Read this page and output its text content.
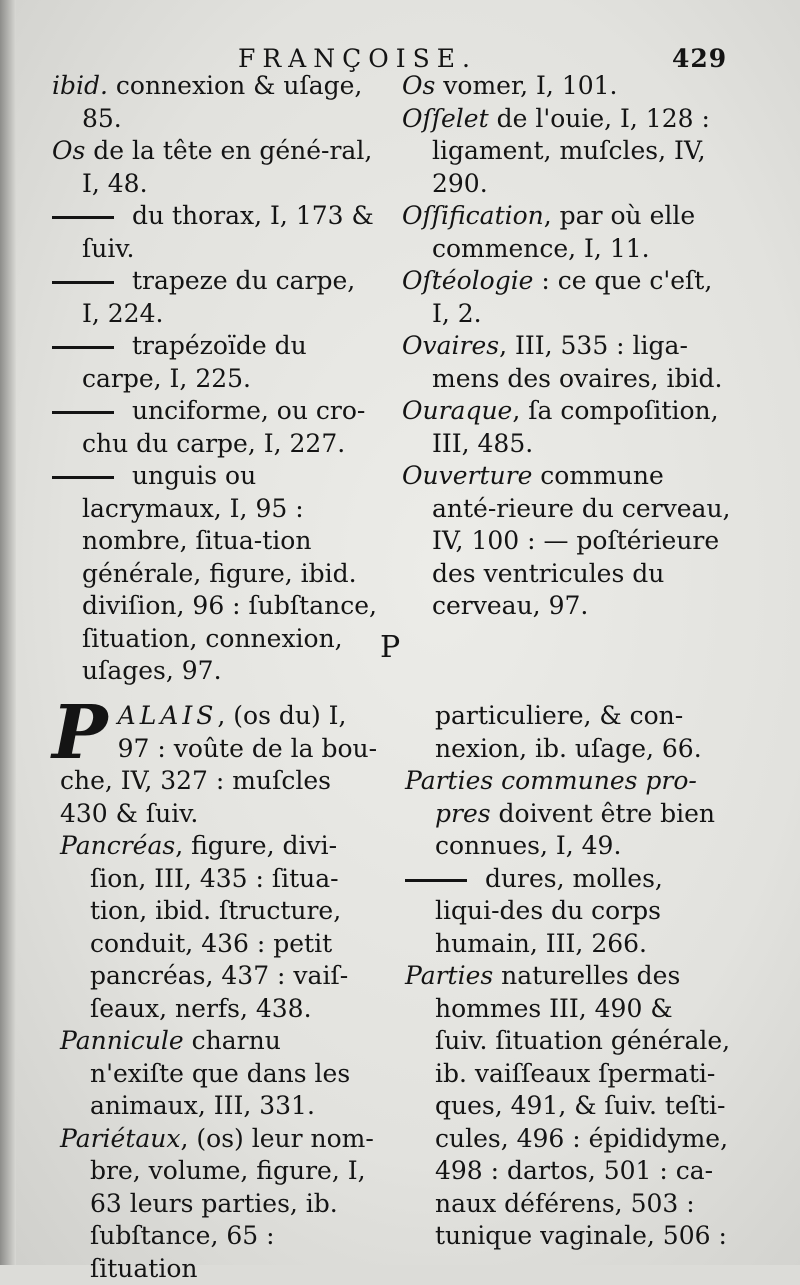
FRANÇOISE.	429

ibid. connexion & uſage, 85.

Os de la tête en géné-ral, I, 48.

du thorax, I, 173 & ſuiv.

trapeze du carpe, I, 224.

trapézoïde du carpe, I, 225.

unciforme, ou cro-chu du carpe, I, 227.

unguis ou lacrymaux, I, 95 : nombre, ſitua-tion générale, figure, ibid. diviſion, 96 : ſubſtance, ſituation, connexion, uſages, 97.

Os vomer, I, 101.

Oſſelet de l'ouie, I, 128 : ligament, muſcles, IV, 290.

Oſſification, par où elle commence, I, 11.

Oſtéologie : ce que c'eſt, I, 2.

Ovaires, III, 535 : liga-mens des ovaires, ibid.

Ouraque, ſa compoſition, III, 485.

Ouverture commune anté-rieure du cerveau, IV, 100 : — poſtérieure des ventricules du cerveau, 97.

P

PALAIS, (os du) I, 97 : voûte de la bou-che, IV, 327 : muſcles 430 & ſuiv.

Pancréas, figure, divi-ſion, III, 435 : ſitua-tion, ibid. ſtructure, conduit, 436 : petit pancréas, 437 : vaiſ-ſeaux, nerfs, 438.

Pannicule charnu n'exiſte que dans les animaux, III, 331.

Pariétaux, (os) leur nom-bre, volume, figure, I, 63 leurs parties, ib. ſubſtance, 65 : ſituation

particuliere, & con-nexion, ib. uſage, 66.

Parties communes pro-pres doivent être bien connues, I, 49.

dures, molles, liqui-des du corps humain, III, 266.

Parties naturelles des hommes III, 490 & ſuiv. ſituation générale, ib. vaiſſeaux ſpermati-ques, 491, & ſuiv. teſti-cules, 496 : épididyme, 498 : dartos, 501 : ca-naux déférens, 503 : tunique vaginale, 506 :
